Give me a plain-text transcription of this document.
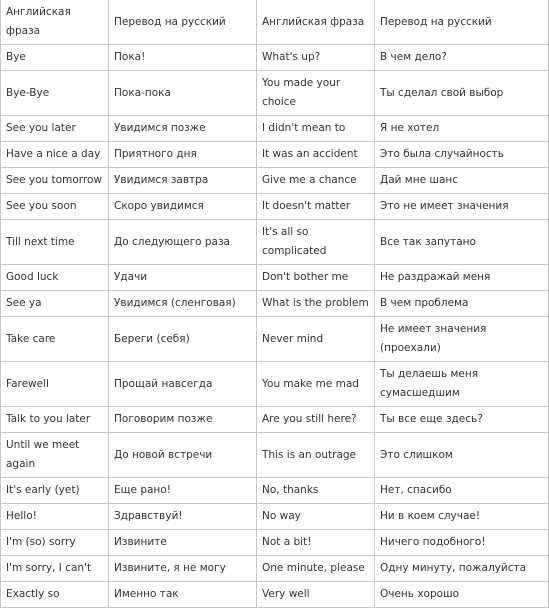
Английская фраза	Перевод на русский	Английская фраза	Перевод на русский
Bye	Пока!	What's up?	В чем дело?
Bye-Bye	Пока-пока	You made your choice	Ты сделал свой выбор
See you later	Увидимся позже	I didn't mean to	Я не хотел
Have a nice a day	Приятного дня	It was an accident	Это была случайность
See you tomorrow	Увидимся завтра	Give me a chance	Дай мне шанс
See you soon	Скоро увидимся	It doesn't matter	Это не имеет значения
Till next time	До следующего раза	It's all so complicated	Все так запутано
Good luck	Удачи	Don't bother me	Не раздражай меня
See ya	Увидимся (сленговая)	What is the problem	В чем проблема
Take care	Береги (себя)	Never mind	Не имеет значения (проехали)
Farewell	Прощай навсегда	You make me mad	Ты делаешь меня сумасшедшим
Talk to you later	Поговорим позже	Are you still here?	Ты все еще здесь?
Until we meet again	До новой встречи	This is an outrage	Это слишком
It's early (yet)	Еще рано!	No, thanks	Нет, спасибо
Hello!	Здравствуй!	No way	Ни в коем случае!
I'm (so) sorry	Извините	Not a bit!	Ничего подобного!
I'm sorry, I can't	Извините, я не могу	One minute, please	Одну минуту, пожалуйста
Exactly so	Именно так	Very well	Очень хорошо
